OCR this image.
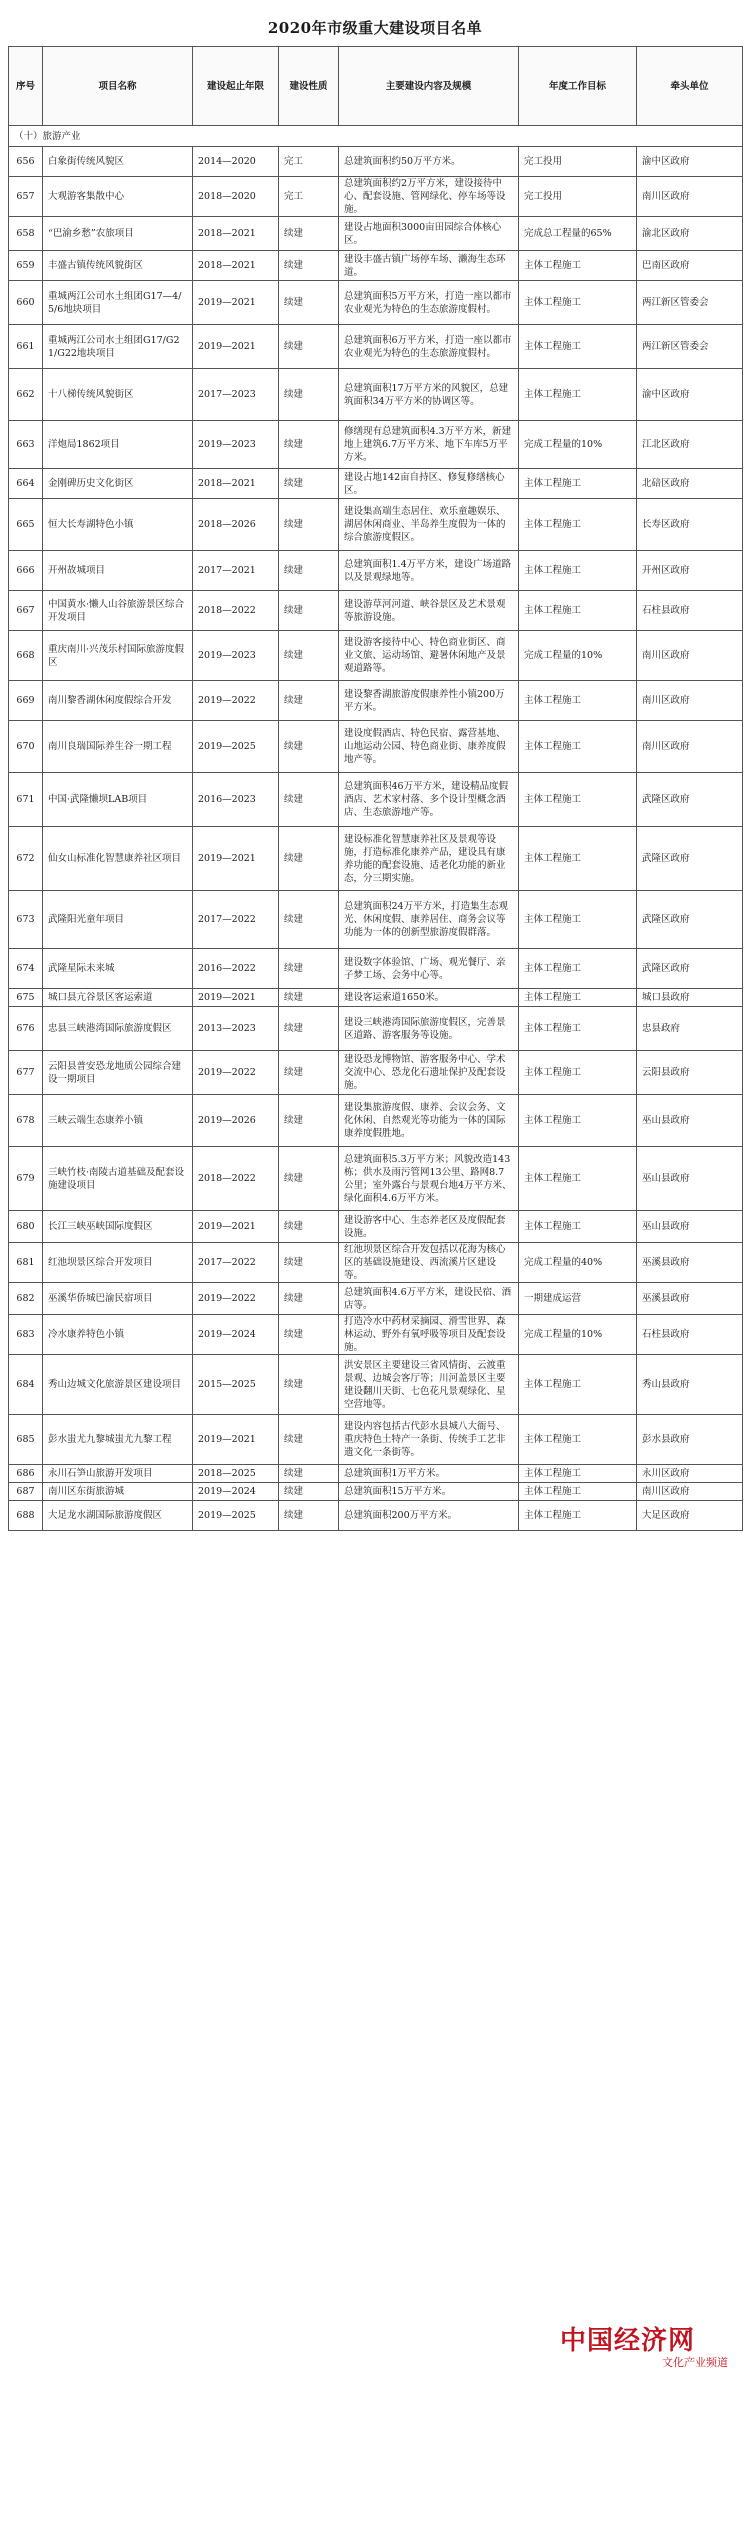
2020年市级重大建设项目名单
序号	项目名称	建设起止年限	建设性质	主要建设内容及规模	年度工作目标	牵头单位
（十）旅游产业						
656	白象街传统风貌区	2014—2020	完工	总建筑面积约50万平方米。	完工投用	渝中区政府
657	大观游客集散中心	2018—2020	完工	总建筑面积约2万平方米，建设接待中心、配套设施、管网绿化、停车场等设施。	完工投用	南川区政府
658	“巴渝乡愁”农旅项目	2018—2021	续建	建设占地面积3000亩田园综合体核心区。	完成总工程量的65%	渝北区政府
659	丰盛古镇传统风貌街区	2018—2021	续建	建设丰盛古镇广场停车场、濑海生态环道。	主体工程施工	巴南区政府
660	重城两江公司水土组团G17—4/5/6地块项目	2019—2021	续建	总建筑面积5万平方米，打造一座以都市农业观光为特色的生态旅游度假村。	主体工程施工	两江新区管委会
661	重城两江公司水土组团G17/G21/G22地块项目	2019—2021	续建	总建筑面积6万平方米，打造一座以都市农业观光为特色的生态旅游度假村。	主体工程施工	两江新区管委会
662	十八梯传统风貌街区	2017—2023	续建	总建筑面积17万平方米的风貌区，总建筑面积34万平方米的协调区等。	主体工程施工	渝中区政府
663	洋炮局1862项目	2019—2023	续建	修缮现有总建筑面积4.3万平方米，新建地上建筑6.7万平方米、地下车库5万平方米。	完成工程量的10%	江北区政府
664	金刚碑历史文化街区	2018—2021	续建	建设占地142亩自持区、修复修缮核心区。	主体工程施工	北碚区政府
665	恒大长寿湖特色小镇	2018—2026	续建	建设集高端生态居住、欢乐童趣娱乐、湖居休闲商业、半岛养生度假为一体的综合旅游度假区。	主体工程施工	长寿区政府
666	开州故城项目	2017—2021	续建	总建筑面积1.4万平方米，建设广场道路以及景观绿地等。	主体工程施工	开州区政府
667	中国黄水·懒人山谷旅游景区综合开发项目	2018—2022	续建	建设游草河河道、峡谷景区及艺术景观等旅游设施。	主体工程施工	石柱县政府
668	重庆南川·兴茂乐村国际旅游度假区	2019—2023	续建	建设游客接待中心、特色商业街区、商业文旅、运动场馆、避暑休闲地产及景观道路等。	完成工程量的10%	南川区政府
669	南川黎香湖休闲度假综合开发	2019—2022	续建	建设黎香湖旅游度假康养性小镇200万平方米。	主体工程施工	南川区政府
670	南川良瑞国际养生谷一期工程	2019—2025	续建	建设度假酒店、特色民宿、露营基地、山地运动公园、特色商业街、康养度假地产等。	主体工程施工	南川区政府
671	中国·武隆懒坝LAB项目	2016—2023	续建	总建筑面积46万平方米，建设精品度假酒店、艺术家村落、多个设计型概念酒店、生态旅游地产等。	主体工程施工	武隆区政府
672	仙女山标准化智慧康养社区项目	2019—2021	续建	建设标准化智慧康养社区及景观等设施，打造标准化康养产品，建设具有康养功能的配套设施、适老化功能的新业态，分三期实施。	主体工程施工	武隆区政府
673	武隆阳光童年项目	2017—2022	续建	总建筑面积24万平方米，打造集生态观光、休闲度假、康养居住、商务会议等功能为一体的创新型旅游度假群落。	主体工程施工	武隆区政府
674	武隆星际未来城	2016—2022	续建	建设数字体验馆、广场、观光餐厅、亲子梦工场、会务中心等。	主体工程施工	武隆区政府
675	城口县亢谷景区客运索道	2019—2021	续建	建设客运索道1650米。	主体工程施工	城口县政府
676	忠县三峡港湾国际旅游度假区	2013—2023	续建	建设三峡港湾国际旅游度假区，完善景区道路、游客服务等设施。	主体工程施工	忠县政府
677	云阳县普安恐龙地质公园综合建设一期项目	2019—2022	续建	建设恐龙博物馆、游客服务中心、学术交流中心、恐龙化石遗址保护及配套设施。	主体工程施工	云阳县政府
678	三峡云端生态康养小镇	2019—2026	续建	建设集旅游度假、康养、会议会务、文化休闲、自然观光等功能为一体的国际康养度假胜地。	主体工程施工	巫山县政府
679	三峡竹枝·南陵古道基础及配套设施建设项目	2018—2022	续建	总建筑面积5.3万平方米；风貌改造143栋；供水及雨污管网13公里、路网8.7公里；室外露台与景观台地4万平方米、绿化面积4.6万平方米。	主体工程施工	巫山县政府
680	长江三峡巫峡国际度假区	2019—2021	续建	建设游客中心、生态养老区及度假配套设施。	主体工程施工	巫山县政府
681	红池坝景区综合开发项目	2017—2022	续建	红池坝景区综合开发包括以花海为核心区的基础设施建设、西流溪片区建设等。	完成工程量的40%	巫溪县政府
682	巫溪华侨城巴渝民宿项目	2019—2022	续建	总建筑面积4.6万平方米，建设民宿、酒店等。	一期建成运营	巫溪县政府
683	冷水康养特色小镇	2019—2024	续建	打造冷水中药材采摘园、滑雪世界、森林运动、野外有氧呼吸等项目及配套设施。	完成工程量的10%	石柱县政府
684	秀山边城文化旅游景区建设项目	2015—2025	续建	洪安景区主要建设三省风情街、云渡重景观、边城会客厅等；川河盖景区主要建设翻川天街、七色花凡景观绿化、星空营地等。	主体工程施工	秀山县政府
685	彭水蚩尤九黎城蚩尤九黎工程	2019—2021	续建	建设内容包括古代彭水县城八大衙号、重庆特色土特产一条街、传统手工艺非遗文化一条街等。	主体工程施工	彭水县政府
686	永川石笋山旅游开发项目	2018—2025	续建	总建筑面积1万平方米。	主体工程施工	永川区政府
687	南川区东街旅游城	2019—2024	续建	总建筑面积15万平方米。	主体工程施工	南川区政府
688	大足龙水湖国际旅游度假区	2019—2025	续建	总建筑面积200万平方米。	主体工程施工	大足区政府
中国经济网
文化产业频道
